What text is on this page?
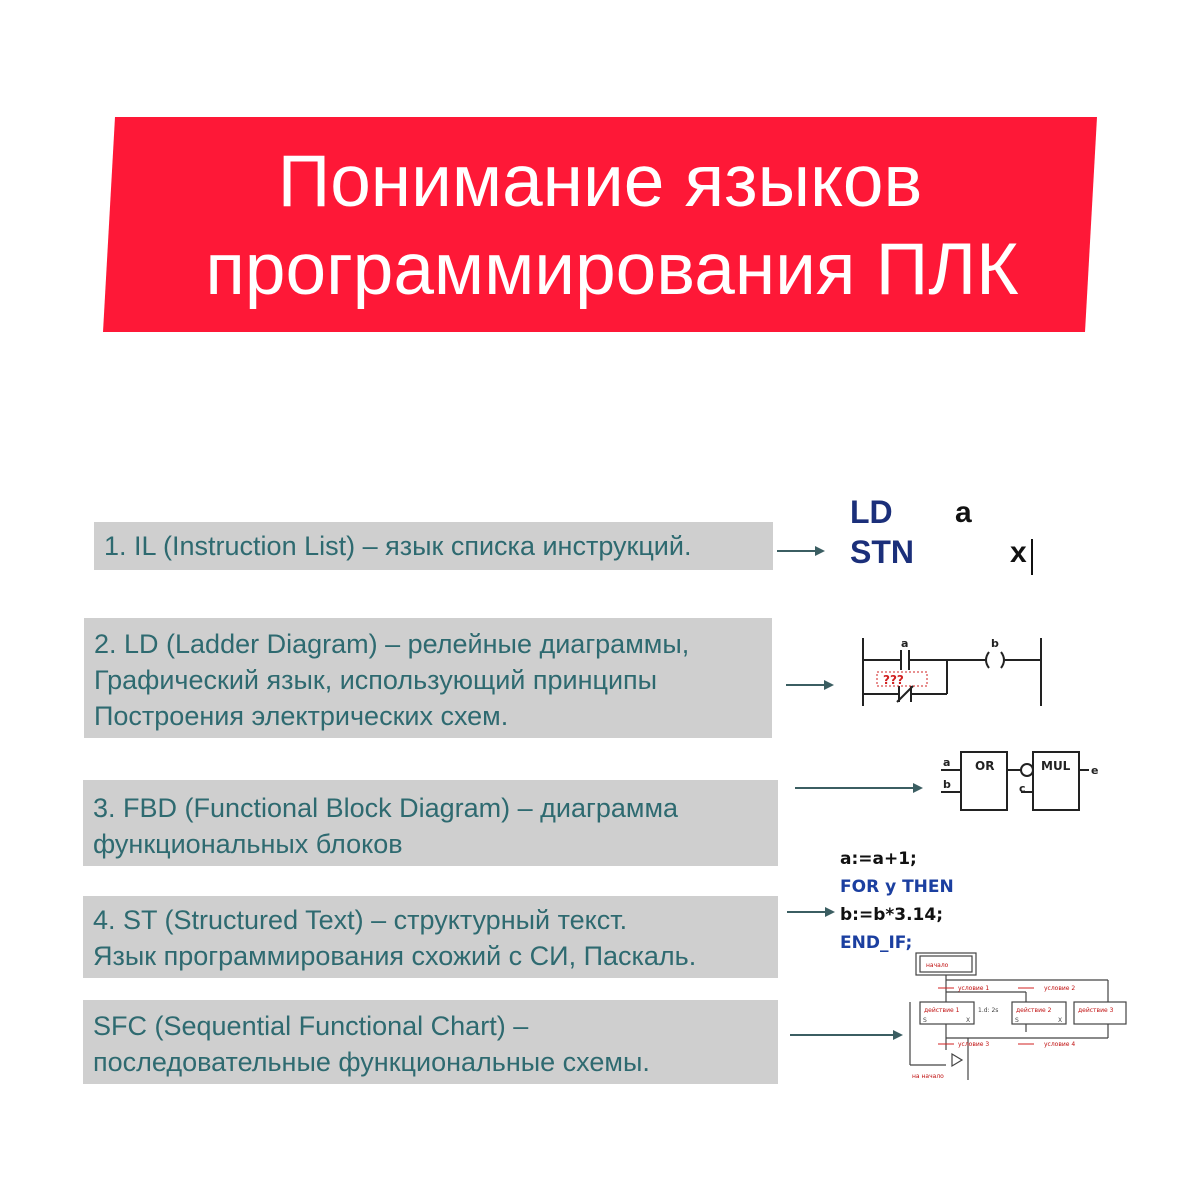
Понимание языков
программирования ПЛК
1. IL (Instruction List) – язык списка инструкций.
LD a
STN	x
2. LD (Ladder Diagram) – релейные диаграммы,
Графический язык, использующий принципы
Построения электрических схем.
a
???
b
3. FBD (Functional Block Diagram) – диаграмма
функциональных блоков
a
b
OR
c
MUL e
4. ST (Structured Text) – структурный текст.
Язык программирования схожий с СИ, Паскаль.
a:=a+1;
FOR y THEN
b:=b*3.14;
END_IF;
SFC (Sequential Functional Chart) –
последовательные функциональные схемы.
начало
условие 1	условие 2
действие 1	действие 2	действие 3
условие 3	условие 4
на начало
1.d: 2s
S	X	S	X
